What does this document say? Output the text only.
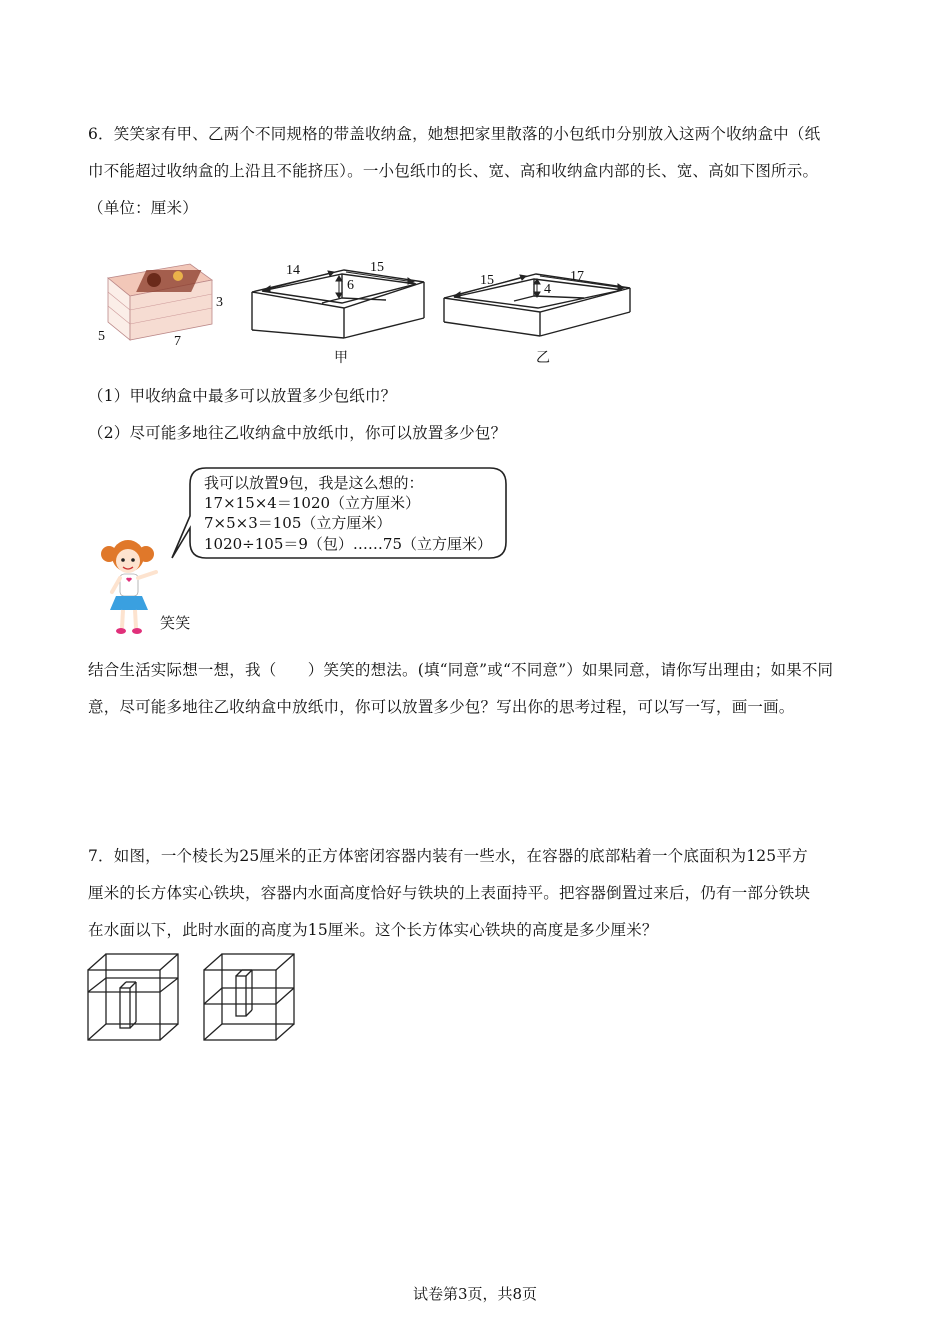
6．笑笑家有甲、乙两个不同规格的带盖收纳盒，她想把家里散落的小包纸巾分别放入这两个收纳盒中（纸
巾不能超过收纳盒的上沿且不能挤压）。一小包纸巾的长、宽、高和收纳盒内部的长、宽、高如下图所示。
（单位：厘米）
3
5	7
14	15
6
甲
15	17
4
乙
（1）甲收纳盒中最多可以放置多少包纸巾？
（2）尽可能多地往乙收纳盒中放纸巾，你可以放置多少包？
我可以放置9包，我是这么想的：
17×15×4＝1020（立方厘米）
7×5×3＝105（立方厘米）
1020÷105＝9（包）……75（立方厘米）
笑笑
结合生活实际想一想，我（　　）笑笑的想法。(填“同意”或“不同意”）如果同意，请你写出理由；如果不同
意，尽可能多地往乙收纳盒中放纸巾，你可以放置多少包？写出你的思考过程，可以写一写，画一画。
7．如图，一个棱长为25厘米的正方体密闭容器内装有一些水，在容器的底部粘着一个底面积为125平方
厘米的长方体实心铁块，容器内水面高度恰好与铁块的上表面持平。把容器倒置过来后，仍有一部分铁块
在水面以下，此时水面的高度为15厘米。这个长方体实心铁块的高度是多少厘米？
试卷第3页，共8页
